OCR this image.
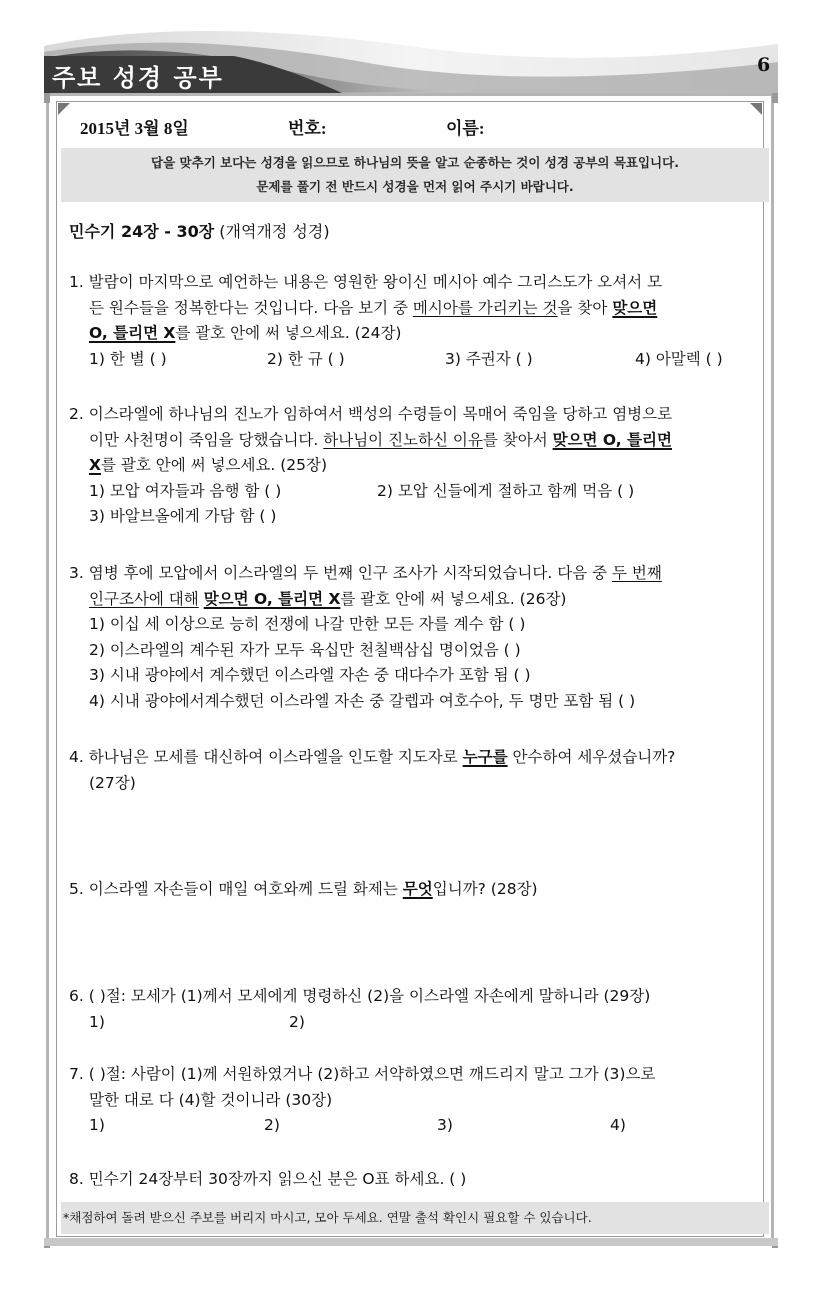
주보 성경 공부	6
2015년 3월 8일	번호:	이름:
답을 맞추기 보다는 성경을 읽으므로 하나님의 뜻을 알고 순종하는 것이 성경 공부의 목표입니다.
문제를 풀기 전 반드시 성경을 먼저 읽어 주시기 바랍니다.
민수기 24장 - 30장 (개역개정 성경)
1. 발람이 마지막으로 예언하는 내용은 영원한 왕이신 메시아 예수 그리스도가 오셔서 모
든 원수들을 정복한다는 것입니다. 다음 보기 중 메시아를 가리키는 것을 찾아 맞으면
O, 틀리면 X를 괄호 안에 써 넣으세요. (24장)
1) 한 별 ( )	2) 한 규 ( )	3) 주권자 ( )	4) 아말렉 ( )
2. 이스라엘에 하나님의 진노가 임하여서 백성의 수령들이 목매어 죽임을 당하고 염병으로
이만 사천명이 죽임을 당했습니다. 하나님이 진노하신 이유를 찾아서 맞으면 O, 틀리면
X를 괄호 안에 써 넣으세요. (25장)
1) 모압 여자들과 음행 함 ( )	2) 모압 신들에게 절하고 함께 먹음 ( )
3) 바알브올에게 가담 함 ( )
3. 염병 후에 모압에서 이스라엘의 두 번째 인구 조사가 시작되었습니다. 다음 중 두 번째
인구조사에 대해 맞으면 O, 틀리면 X를 괄호 안에 써 넣으세요. (26장)
1) 이십 세 이상으로 능히 전쟁에 나갈 만한 모든 자를 계수 함 ( )
2) 이스라엘의 계수된 자가 모두 육십만 천칠백삼십 명이었음 ( )
3) 시내 광야에서 계수했던 이스라엘 자손 중 대다수가 포함 됨 ( )
4) 시내 광야에서계수했던 이스라엘 자손 중 갈렙과 여호수아, 두 명만 포함 됨 ( )
4. 하나님은 모세를 대신하여 이스라엘을 인도할 지도자로 누구를 안수하여 세우셨습니까?
(27장)
5. 이스라엘 자손들이 매일 여호와께 드릴 화제는 무엇입니까? (28장)
6. ( )절: 모세가 (1)께서 모세에게 명령하신 (2)을 이스라엘 자손에게 말하니라 (29장)
1)	2)
7. ( )절: 사람이 (1)께 서원하였거나 (2)하고 서약하였으면 깨드리지 말고 그가 (3)으로
말한 대로 다 (4)할 것이니라 (30장)
1)	2)	3)	4)
8. 민수기 24장부터 30장까지 읽으신 분은 O표 하세요. ( )
*채점하여 돌려 받으신 주보를 버리지 마시고, 모아 두세요. 연말 출석 확인시 필요할 수 있습니다.
